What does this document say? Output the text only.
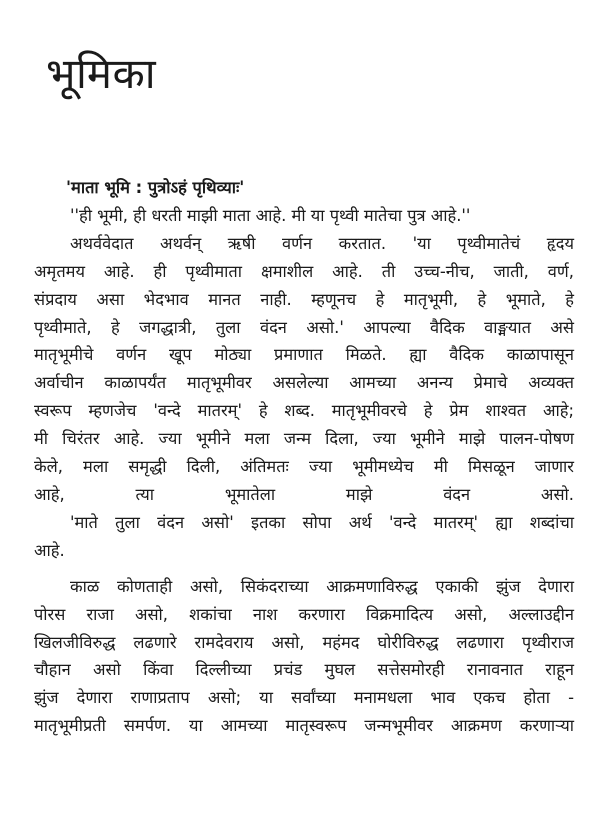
भूमिका
'माता भूमि : पुत्रोऽहं पृथिव्याः'
''ही भूमी, ही धरती माझी माता आहे. मी या पृथ्वी मातेचा पुत्र आहे.''
अथर्ववेदात अथर्वन् ऋषी वर्णन करतात. 'या पृथ्वीमातेचं हृदय
अमृतमय आहे. ही पृथ्वीमाता क्षमाशील आहे. ती उच्च-नीच, जाती, वर्ण,
संप्रदाय असा भेदभाव मानत नाही. म्हणूनच हे मातृभूमी, हे भूमाते, हे
पृथ्वीमाते, हे जगद्धात्री, तुला वंदन असो.' आपल्या वैदिक वाङ्मयात असे
मातृभूमीचे वर्णन खूप मोठ्या प्रमाणात मिळते. ह्या वैदिक काळापासून
अर्वाचीन काळापर्यंत मातृभूमीवर असलेल्या आमच्या अनन्य प्रेमाचे अव्यक्त
स्वरूप म्हणजेच 'वन्दे मातरम्' हे शब्द. मातृभूमीवरचे हे प्रेम शाश्वत आहे;
मी चिरंतर आहे. ज्या भूमीने मला जन्म दिला, ज्या भूमीने माझे पालन-पोषण
केले, मला समृद्धी दिली, अंतिमतः ज्या भूमीमध्येच मी मिसळून जाणार
आहे, त्या भूमातेला माझे वंदन असो.
'माते तुला वंदन असो' इतका सोपा अर्थ 'वन्दे मातरम्' ह्या शब्दांचा
आहे.
काळ कोणताही असो, सिकंदराच्या आक्रमणाविरुद्ध एकाकी झुंज देणारा
पोरस राजा असो, शकांचा नाश करणारा विक्रमादित्य असो, अल्लाउद्दीन
खिलजीविरुद्ध लढणारे रामदेवराय असो, महंमद घोरीविरुद्ध लढणारा पृथ्वीराज
चौहान असो किंवा दिल्लीच्या प्रचंड मुघल सत्तेसमोरही रानावनात राहून
झुंज देणारा राणाप्रताप असो; या सर्वांच्या मनामधला भाव एकच होता -
मातृभूमीप्रती समर्पण. या आमच्या मातृस्वरूप जन्मभूमीवर आक्रमण करणाऱ्या
